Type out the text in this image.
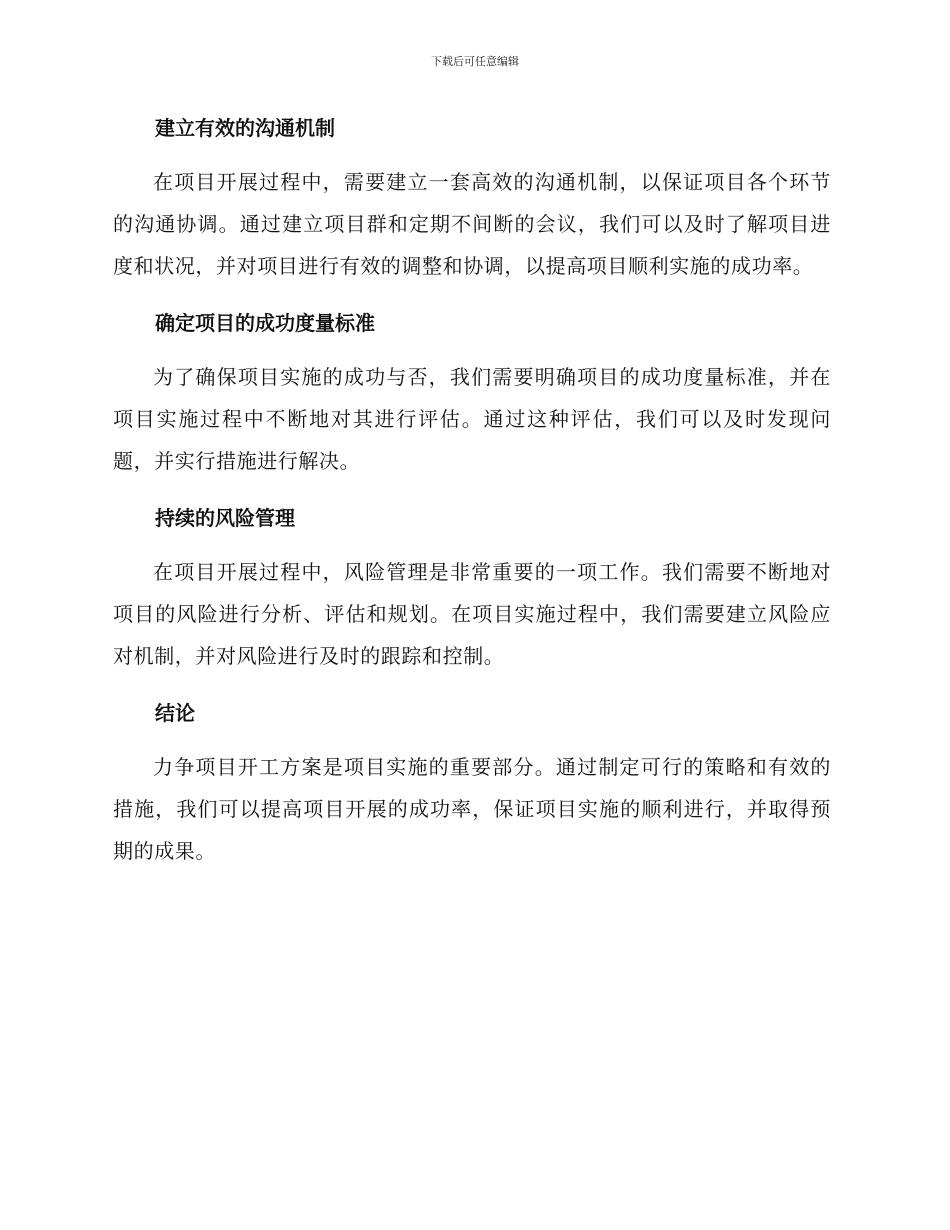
下载后可任意编辑
建立有效的沟通机制

在项目开展过程中，需要建立一套高效的沟通机制，以保证项目各个环节的沟通协调。通过建立项目群和定期不间断的会议，我们可以及时了解项目进度和状况，并对项目进行有效的调整和协调，以提高项目顺利实施的成功率。

确定项目的成功度量标准

为了确保项目实施的成功与否，我们需要明确项目的成功度量标准，并在项目实施过程中不断地对其进行评估。通过这种评估，我们可以及时发现问题，并实行措施进行解决。

持续的风险管理

在项目开展过程中，风险管理是非常重要的一项工作。我们需要不断地对项目的风险进行分析、评估和规划。在项目实施过程中，我们需要建立风险应对机制，并对风险进行及时的跟踪和控制。

结论

力争项目开工方案是项目实施的重要部分。通过制定可行的策略和有效的措施，我们可以提高项目开展的成功率，保证项目实施的顺利进行，并取得预期的成果。
